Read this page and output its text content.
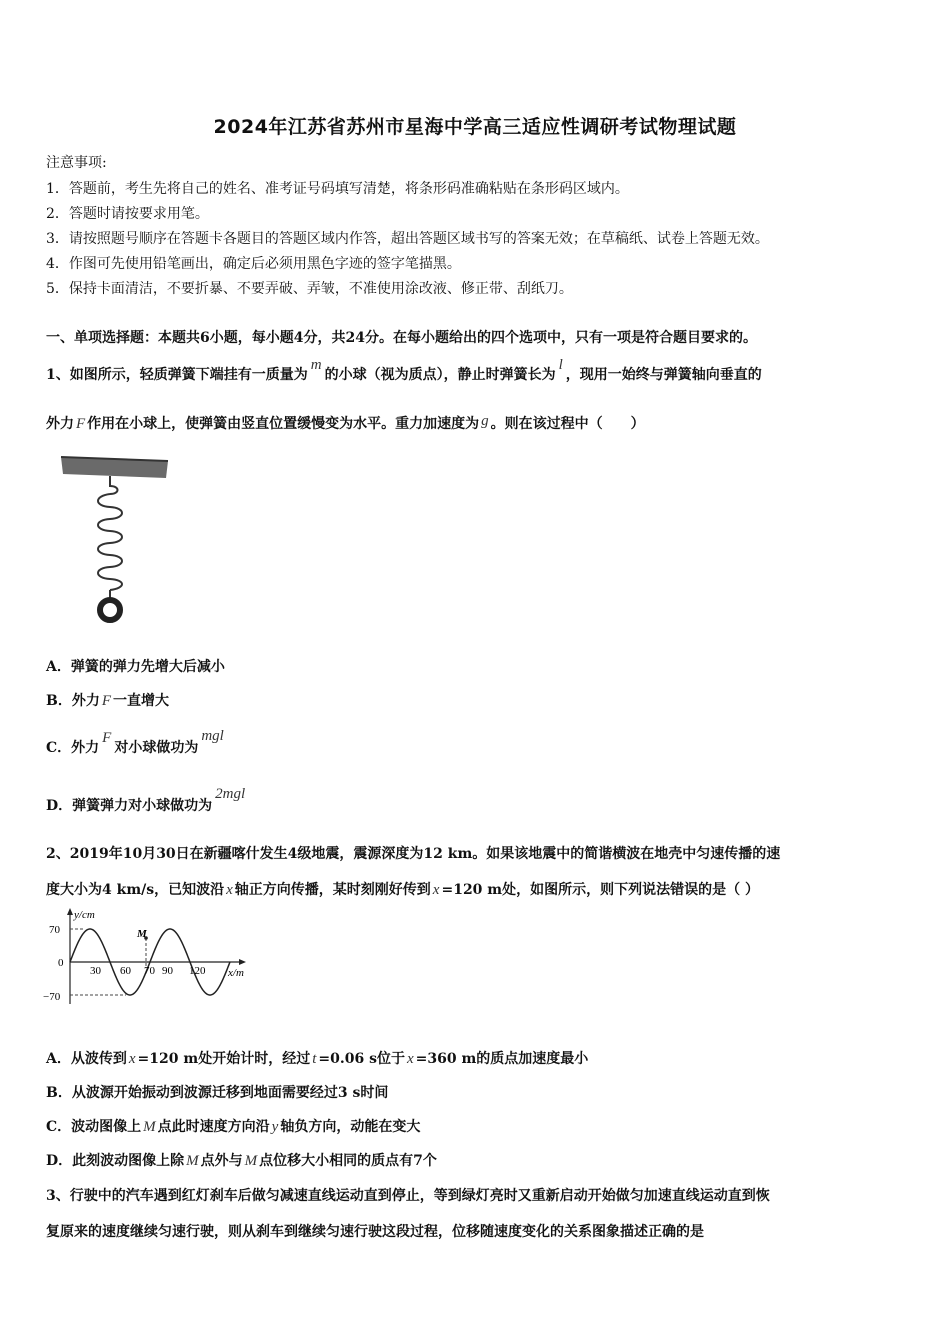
2024年江苏省苏州市星海中学高三适应性调研考试物理试题
注意事项:
1．答题前，考生先将自己的姓名、准考证号码填写清楚，将条形码准确粘贴在条形码区域内。
2．答题时请按要求用笔。
3．请按照题号顺序在答题卡各题目的答题区域内作答，超出答题区域书写的答案无效；在草稿纸、试卷上答题无效。
4．作图可先使用铅笔画出，确定后必须用黑色字迹的签字笔描黑。
5．保持卡面清洁，不要折暴、不要弄破、弄皱，不准使用涂改液、修正带、刮纸刀。
一、单项选择题：本题共6小题，每小题4分，共24分。在每小题给出的四个选项中，只有一项是符合题目要求的。
1、如图所示，轻质弹簧下端挂有一质量为m的小球（视为质点），静止时弹簧长为l，现用一始终与弹簧轴向垂直的
外力 F 作用在小球上，使弹簧由竖直位置缓慢变为水平。重力加速度为 g 。则在该过程中（　　）
A．弹簧的弹力先增大后减小
B．外力 F 一直增大
C．外力F对小球做功为mgl
D．弹簧弹力对小球做功为2mgl
2、2019年10月30日在新疆喀什发生4级地震，震源深度为12 km。如果该地震中的简谐横波在地壳中匀速传播的速
度大小为4 km/s，已知波沿 x 轴正方向传播，某时刻刚好传到 x =120 m处，如图所示，则下列说法错误的是（ ）
y/cm
x/m
70
0
−70
M
30 60 70 90 120
A．从波传到 x =120 m处开始计时，经过 t =0.06 s位于 x =360 m的质点加速度最小
B．从波源开始振动到波源迁移到地面需要经过3 s时间
C．波动图像上 M 点此时速度方向沿 y 轴负方向，动能在变大
D．此刻波动图像上除 M 点外与 M 点位移大小相同的质点有7个
3、行驶中的汽车遇到红灯刹车后做匀减速直线运动直到停止，等到绿灯亮时又重新启动开始做匀加速直线运动直到恢
复原来的速度继续匀速行驶，则从刹车到继续匀速行驶这段过程，位移随速度变化的关系图象描述正确的是
